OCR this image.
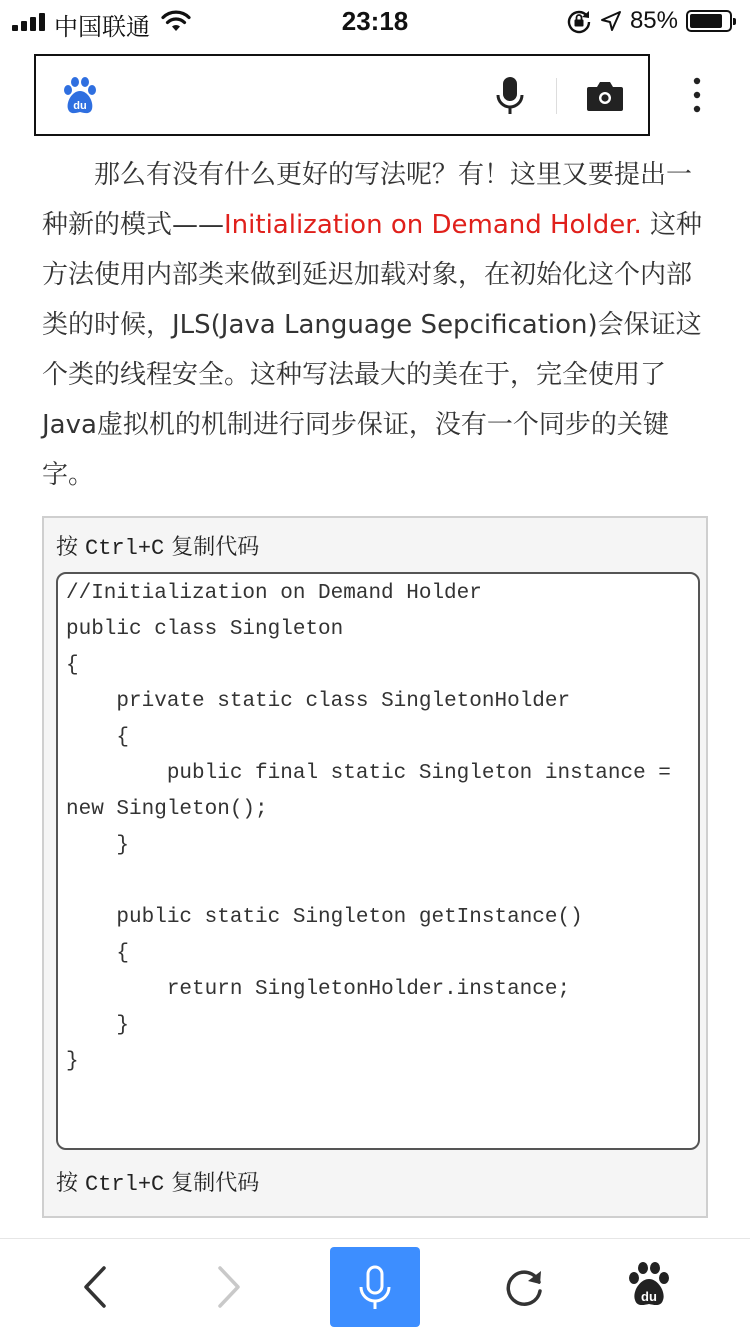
中国联通	23:18	85%
du

那么有没有什么更好的写法呢？有！这里又要提出一种新的模式——Initialization on Demand Holder. 这种方法使用内部类来做到延迟加载对象，在初始化这个内部类的时候，JLS(Java Language Sepcification)会保证这个类的线程安全。这种写法最大的美在于，完全使用了Java虚拟机的机制进行同步保证，没有一个同步的关键字。

按 Ctrl+C 复制代码
//Initialization on Demand Holder
public class Singleton
{
private static class SingletonHolder
{
public final static Singleton instance = new Singleton();
}

public static Singleton getInstance()
{
return SingletonHolder.instance;
}
}
按 Ctrl+C 复制代码
du
